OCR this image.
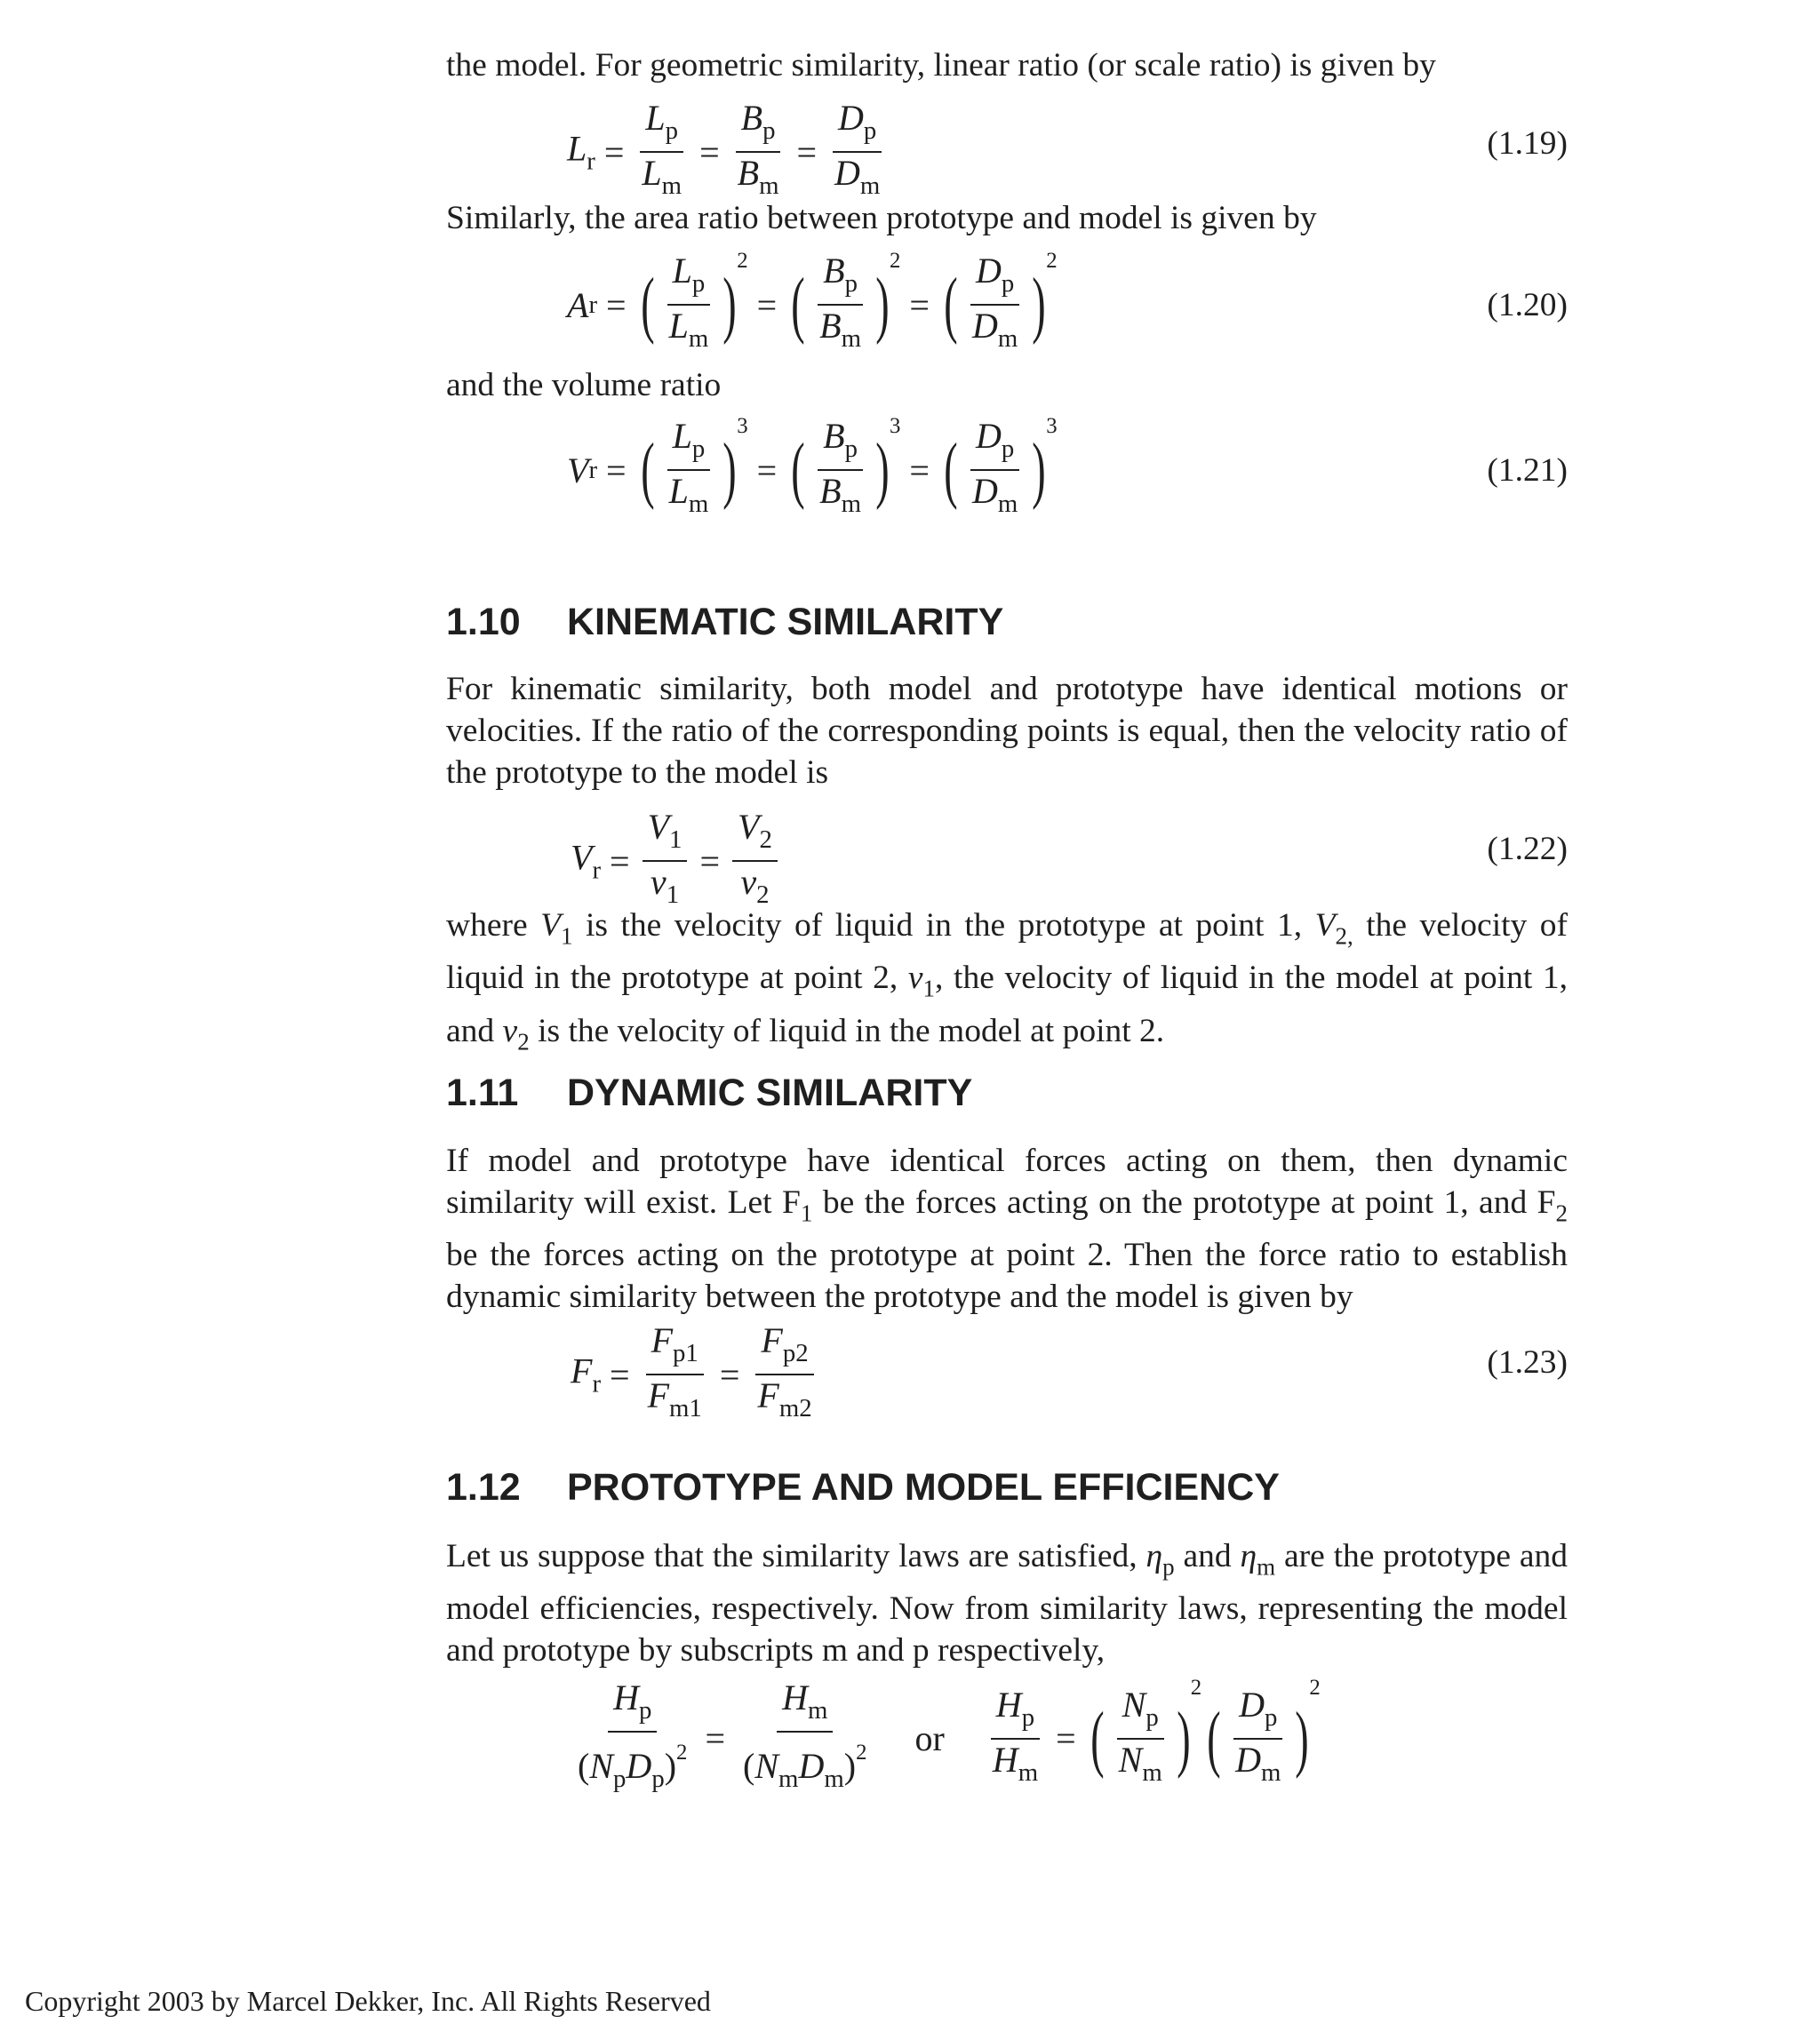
the model. For geometric similarity, linear ratio (or scale ratio) is given by

$L_r = \frac{L_p}{L_m} = \frac{B_p}{B_m} = \frac{D_p}{D_m}$	(1.19)

Similarly, the area ratio between prototype and model is given by

A r = ( $\frac{L_p}{L_m}$ )
2
= ( $\frac{B_p}{B_m}$ )
2
= ( $\frac{D_p}{D_m}$ )
2
(1.20)

and the volume ratio

V r = ( $\frac{L_p}{L_m}$ )
3
= ( $\frac{B_p}{B_m}$ )
3
= ( $\frac{D_p}{D_m}$ )
3
(1.21)
1.10 KINEMATIC SIMILARITY

For kinematic similarity, both model and prototype have identical motions or velocities. If the ratio of the corresponding points is equal, then the velocity ratio of the prototype to the model is

$V_r = \frac{V_1}{v_1} = \frac{V_2}{v_2}$	(1.22)

where $V_1$ is the velocity of liquid in the prototype at point 1, $V_{2,}$ the velocity of liquid in the prototype at point 2, $v_1$, the velocity of liquid in the model at point 1, and $v_2$ is the velocity of liquid in the model at point 2.

1.11 DYNAMIC SIMILARITY

If model and prototype have identical forces acting on them, then dynamic similarity will exist. Let $F_1$ be the forces acting on the prototype at point 1, and $F_2$ be the forces acting on the prototype at point 2. Then the force ratio to establish dynamic similarity between the prototype and the model is given by

$F_r = \frac{F_{p1}}{F_{m1}} = \frac{F_{p2}}{F_{m2}}$	(1.23)
1.12 PROTOTYPE AND MODEL EFFICIENCY

Let us suppose that the similarity laws are satisfied, $\eta_p$ and $\eta_m$ are the prototype and model efficiencies, respectively. Now from similarity laws, representing the model and prototype by subscripts m and p respectively,

$\frac{H_p}{(N_pD_p)^2} = \frac{H_m}{(N_mD_m)^2}$ or $\frac{H_p}{H_m}$ = ( $\frac{N_p}{N_m}$ )
2
( $\frac{D_p}{D_m}$ )
2
Copyright 2003 by Marcel Dekker, Inc. All Rights Reserved
